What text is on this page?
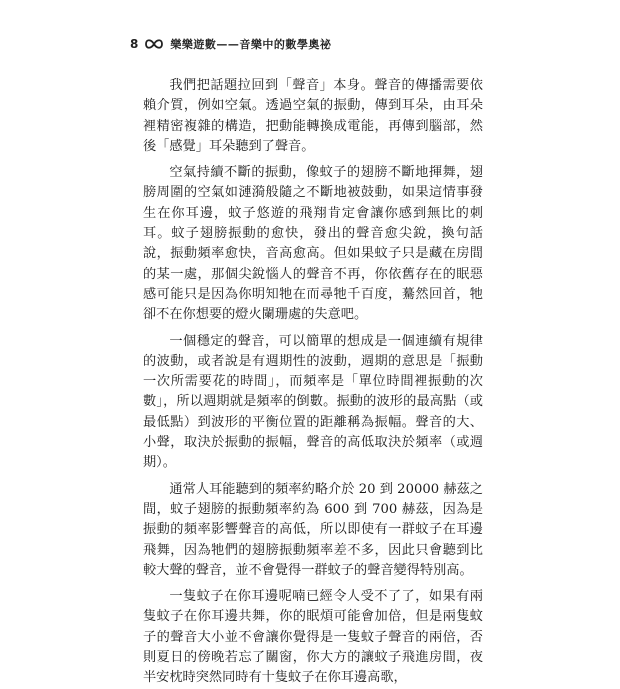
8	樂樂遊數——音樂中的數學奧祕

我們把話題拉回到「聲音」本身。聲音的傳播需要依賴介質，例如空氣。透過空氣的振動，傳到耳朵，由耳朵裡精密複雜的構造，把動能轉換成電能，再傳到腦部，然後「感覺」耳朵聽到了聲音。

空氣持續不斷的振動，像蚊子的翅膀不斷地揮舞，翅膀周圍的空氣如漣漪般隨之不斷地被鼓動，如果這情事發生在你耳邊，蚊子悠遊的飛翔肯定會讓你感到無比的刺耳。蚊子翅膀振動的愈快，發出的聲音愈尖銳，換句話說，振動頻率愈快，音高愈高。但如果蚊子只是藏在房間的某一處，那個尖銳惱人的聲音不再，你依舊存在的眠惡感可能只是因為你明知牠在而尋牠千百度，驀然回首，牠卻不在你想要的燈火闌珊處的失意吧。

一個穩定的聲音，可以簡單的想成是一個連續有規律的波動，或者說是有週期性的波動，週期的意思是「振動一次所需要花的時間」，而頻率是「單位時間裡振動的次數」，所以週期就是頻率的倒數。振動的波形的最高點（或最低點）到波形的平衡位置的距離稱為振幅。聲音的大、小聲，取決於振動的振幅，聲音的高低取決於頻率（或週期）。

通常人耳能聽到的頻率約略介於 20 到 20000 赫茲之間，蚊子翅膀的振動頻率約為 600 到 700 赫茲，因為是振動的頻率影響聲音的高低，所以即使有一群蚊子在耳邊飛舞，因為牠們的翅膀振動頻率差不多，因此只會聽到比較大聲的聲音，並不會覺得一群蚊子的聲音變得特別高。

一隻蚊子在你耳邊呢喃已經令人受不了了，如果有兩隻蚊子在你耳邊共舞，你的眠煩可能會加倍，但是兩隻蚊子的聲音大小並不會讓你覺得是一隻蚊子聲音的兩倍，否則夏日的傍晚若忘了關窗，你大方的讓蚊子飛進房間，夜半安枕時突然同時有十隻蚊子在你耳邊高歌，
